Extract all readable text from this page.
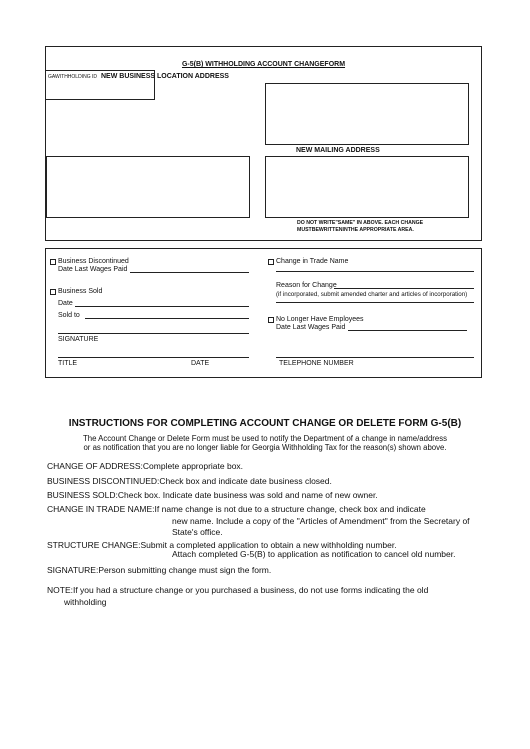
G-5(B) WITHHOLDING ACCOUNT CHANGEFORM
GAWITHHOLDING ID NEW BUSINESS LOCATION ADDRESS
NEW MAILING ADDRESS
DO NOT WRITE"SAME" IN ABOVE. EACH CHANGE
MUSTBEWRITTENINTHE APPROPRIATE AREA.
Business Discontinued
Date Last Wages Paid
Business Sold
Date
Sold to
SIGNATURE
TITLE	DATE
Change in Trade Name
Reason for Change
(if incorporated, submit amended charter and articles of incorporation)
No Longer Have Employees
Date Last Wages Paid
TELEPHONE NUMBER
INSTRUCTIONS FOR COMPLETING ACCOUNT CHANGE OR DELETE FORM G-5(B)
The Account Change or Delete Form must be used to notify the Department of a change in name/address
or as notification that you are no longer liable for Georgia Withholding Tax for the reason(s) shown above.
CHANGE OF ADDRESS:Complete appropriate box.
BUSINESS DISCONTINUED:Check box and indicate date business closed.
BUSINESS SOLD:Check box. Indicate date business was sold and name of new owner.
CHANGE IN TRADE NAME:If name change is not due to a structure change, check box and indicate
new name. Include a copy of the "Articles of Amendment" from the Secretary of
State's office.
STRUCTURE CHANGE:Submit a completed application to obtain a new withholding number.
Attach completed G-5(B) to application as notification to cancel old number.
SIGNATURE:Person submitting change must sign the form.
NOTE:If you had a structure change or you purchased a business, do not use forms indicating the old
withholding
